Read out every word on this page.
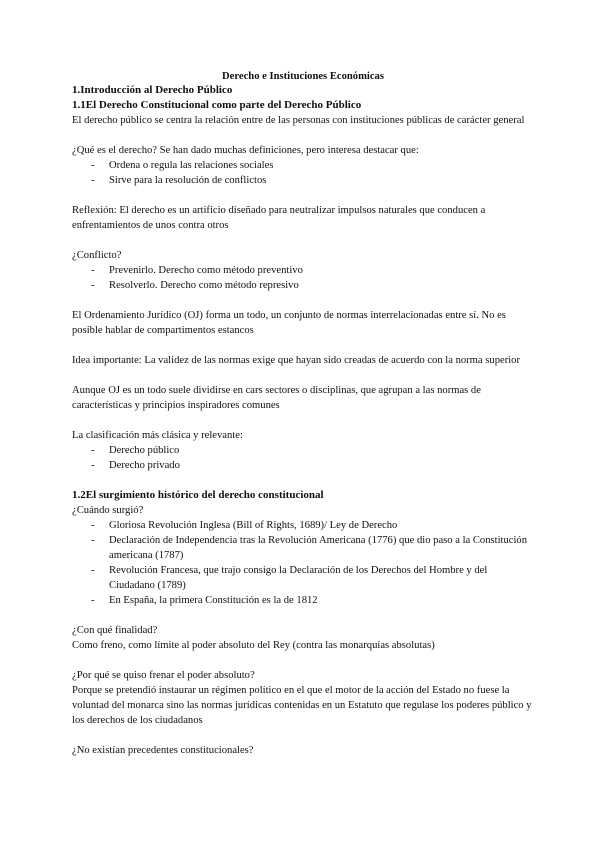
Derecho e Instituciones Económicas

1.Introducción al Derecho Público

1.1El Derecho Constitucional como parte del Derecho Público

El derecho público se centra la relación entre de las personas con instituciones públicas de carácter general

¿Qué es el derecho? Se han dado muchas definiciones, pero interesa destacar que:

- Ordena o regula las relaciones sociales
- Sirve para la resolución de conflictos

Reflexión: El derecho es un artificio diseñado para neutralizar impulsos naturales que conducen a enfrentamientos de unos contra otros

¿Conflicto?

- Prevenirlo. Derecho como método preventivo
- Resolverlo. Derecho como método represivo

El Ordenamiento Jurídico (OJ) forma un todo, un conjunto de normas interrelacionadas entre sí. No es posible hablar de compartimentos estancos

Idea importante: La validez de las normas exige que hayan sido creadas de acuerdo con la norma superior

Aunque OJ es un todo suele dividirse en cars sectores o disciplinas, que agrupan a las normas de características y principios inspiradores comunes

La clasificación más clásica y relevante:

- Derecho público
- Derecho privado

1.2El surgimiento histórico del derecho constitucional

¿Cuándo surgió?

- Gloriosa Revolución Inglesa (Bill of Rights, 1689)/ Ley de Derecho
- Declaración de Independencia tras la Revolución Americana (1776) que dio paso a la Constitución americana (1787)
- Revolución Francesa, que trajo consigo la Declaración de los Derechos del Hombre y del Ciudadano (1789)
- En España, la primera Constitución es la de 1812

¿Con qué finalidad?

Como freno, como límite al poder absoluto del Rey (contra las monarquías absolutas)

¿Por qué se quiso frenar el poder absoluto?

Porque se pretendió instaurar un régimen político en el que el motor de la acción del Estado no fuese la voluntad del monarca sino las normas jurídicas contenidas en un Estatuto que regulase los poderes público y los derechos de los ciudadanos

¿No existían precedentes constitucionales?
